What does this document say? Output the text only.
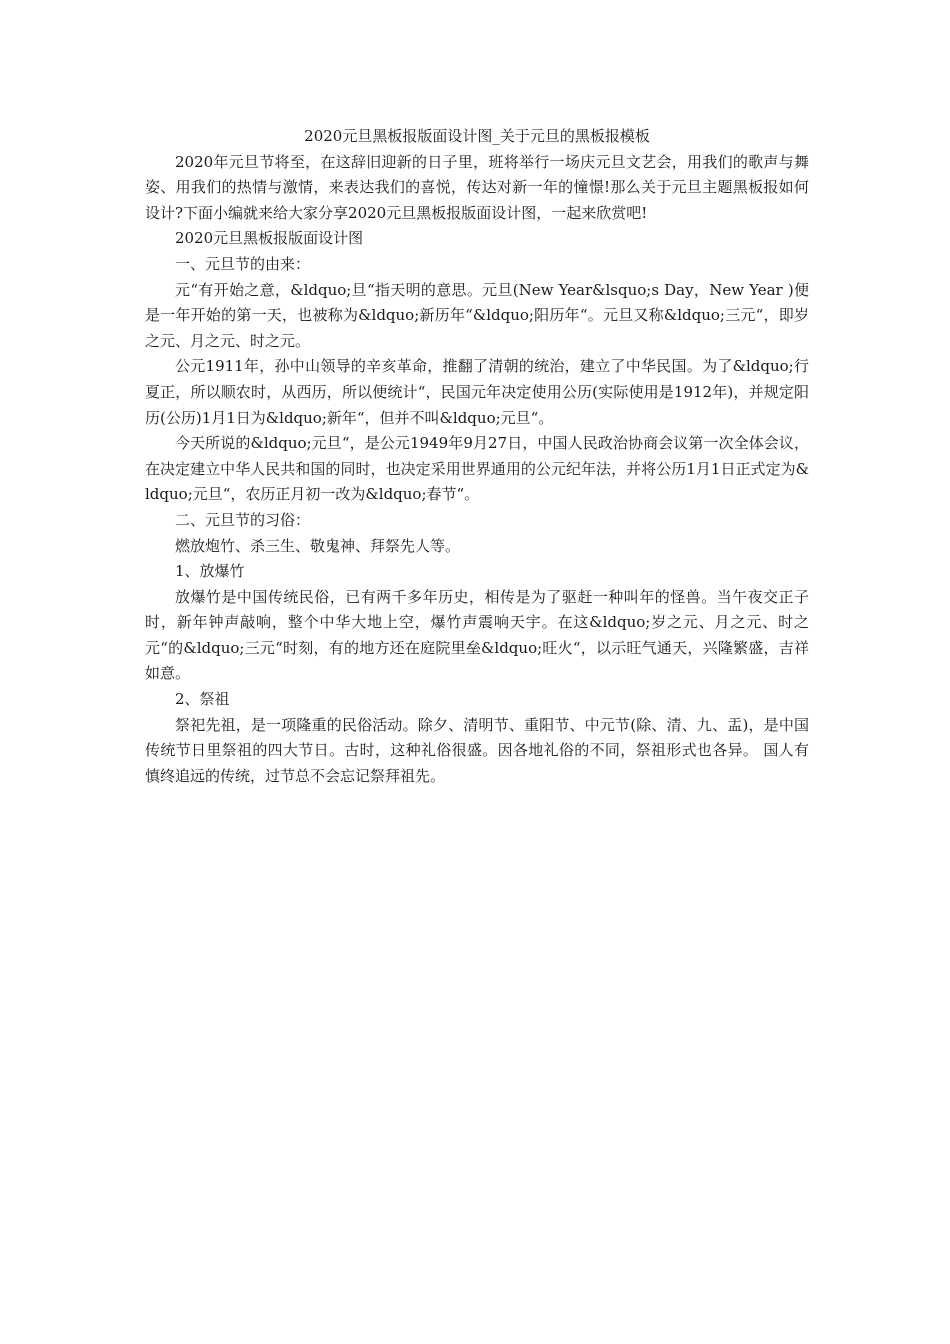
2020元旦黑板报版面设计图_关于元旦的黑板报模板

2020年元旦节将至，在这辞旧迎新的日子里，班将举行一场庆元旦文艺会，用我们的歌声与舞姿、用我们的热情与激情，来表达我们的喜悦，传达对新一年的憧憬!那么关于元旦主题黑板报如何设计?下面小编就来给大家分享2020元旦黑板报版面设计图，一起来欣赏吧!

2020元旦黑板报版面设计图

一、元旦节的由来：

元“有开始之意，&ldquo;旦“指天明的意思。元旦(New Year&lsquo;s Day，New Year )便是一年开始的第一天，也被称为&ldquo;新历年“&ldquo;阳历年“。元旦又称&ldquo;三元“，即岁之元、月之元、时之元。

公元1911年，孙中山领导的辛亥革命，推翻了清朝的统治，建立了中华民国。为了&ldquo;行夏正，所以顺农时，从西历，所以便统计“，民国元年决定使用公历(实际使用是1912年)，并规定阳历(公历)1月1日为&ldquo;新年“，但并不叫&ldquo;元旦“。

今天所说的&ldquo;元旦“，是公元1949年9月27日，中国人民政治协商会议第一次全体会议，在决定建立中华人民共和国的同时，也决定采用世界通用的公元纪年法，并将公历1月1日正式定为&ldquo;元旦“，农历正月初一改为&ldquo;春节“。

二、元旦节的习俗：

燃放炮竹、杀三生、敬鬼神、拜祭先人等。

1、放爆竹

放爆竹是中国传统民俗，已有两千多年历史，相传是为了驱赶一种叫年的怪兽。当午夜交正子时，新年钟声敲响，整个中华大地上空，爆竹声震响天宇。在这&ldquo;岁之元、月之元、时之元“的&ldquo;三元“时刻，有的地方还在庭院里垒&ldquo;旺火“，以示旺气通天，兴隆繁盛，吉祥如意。

2、祭祖

祭祀先祖，是一项隆重的民俗活动。除夕、清明节、重阳节、中元节(除、清、九、盂)，是中国传统节日里祭祖的四大节日。古时，这种礼俗很盛。因各地礼俗的不同，祭祖形式也各异。 国人有慎终追远的传统，过节总不会忘记祭拜祖先。
